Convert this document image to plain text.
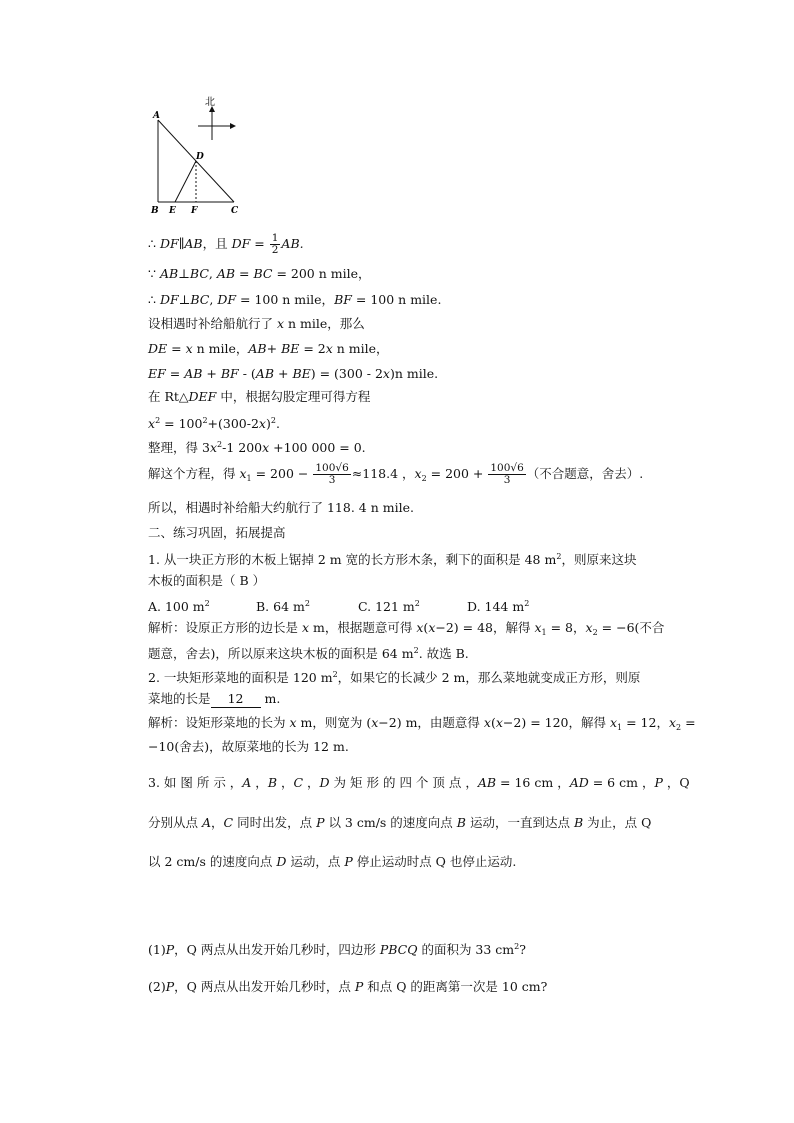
北
A
D
B E F	C
∴ DF∥AB，且 DF = $\frac{1}{2}$ AB.
∵ AB⊥BC, AB = BC = 200 n mile，
∴ DF⊥BC, DF = 100 n mile，BF = 100 n mile.
设相遇时补给船航行了 x n mile，那么
DE = x n mile，AB+ BE = 2x n mile，
EF = AB + BF - (AB + BE) = (300 - 2x)n mile.
在 Rt△DEF 中，根据勾股定理可得方程
$x^2 = 100^2+(300-2x)^2$.
整理，得 $3x^2-1$ 200x +100 000 = 0.
解这个方程，得 $x_1 = 200 - \frac{100√6}{3} \approx 118.4$ ，$x_2 = 200 + \frac{100√6}{3}$ （不合题意，舍去）.
所以，相遇时补给船大约航行了 118. 4 n mile.
二、练习巩固，拓展提高
1. 从一块正方形的木板上锯掉 2 m 宽的长方形木条，剩下的面积是 48 $m^2$，则原来这块
木板的面积是（ B ）
A. 100 $m^2$	B. 64 $m^2$	C. 121 $m^2$	D. 144 $m^2$
解析：设原正方形的边长是 x m，根据题意可得 x(x−2) = 48，解得 $x_1 = 8$，$x_2 = -6$(不合
题意，舍去)，所以原来这块木板的面积是 64 $m^2$. 故选 B.
2. 一块矩形菜地的面积是 120 $m^2$，如果它的长减少 2 m，那么菜地就变成正方形，则原
菜地的长是 12 m.
解析：设矩形菜地的长为 x m，则宽为 (x−2) m，由题意得 x(x−2) = 120，解得 $x_1 = 12$，$x_2$ =
−10(舍去)，故原菜地的长为 12 m.
3. 如 图 所 示 ，A ，B ，C ，D 为 矩 形 的 四 个 顶 点 ，AB = 16 cm ，AD = 6 cm ，P ，Q
分别从点 A，C 同时出发，点 P 以 3 cm/s 的速度向点 B 运动，一直到达点 B 为止，点 Q
以 2 cm/s 的速度向点 D 运动，点 P 停止运动时点 Q 也停止运动.
(1)P，Q 两点从出发开始几秒时，四边形 PBCQ 的面积为 33 $cm^2$?
(2)P，Q 两点从出发开始几秒时，点 P 和点 Q 的距离第一次是 10 cm?
